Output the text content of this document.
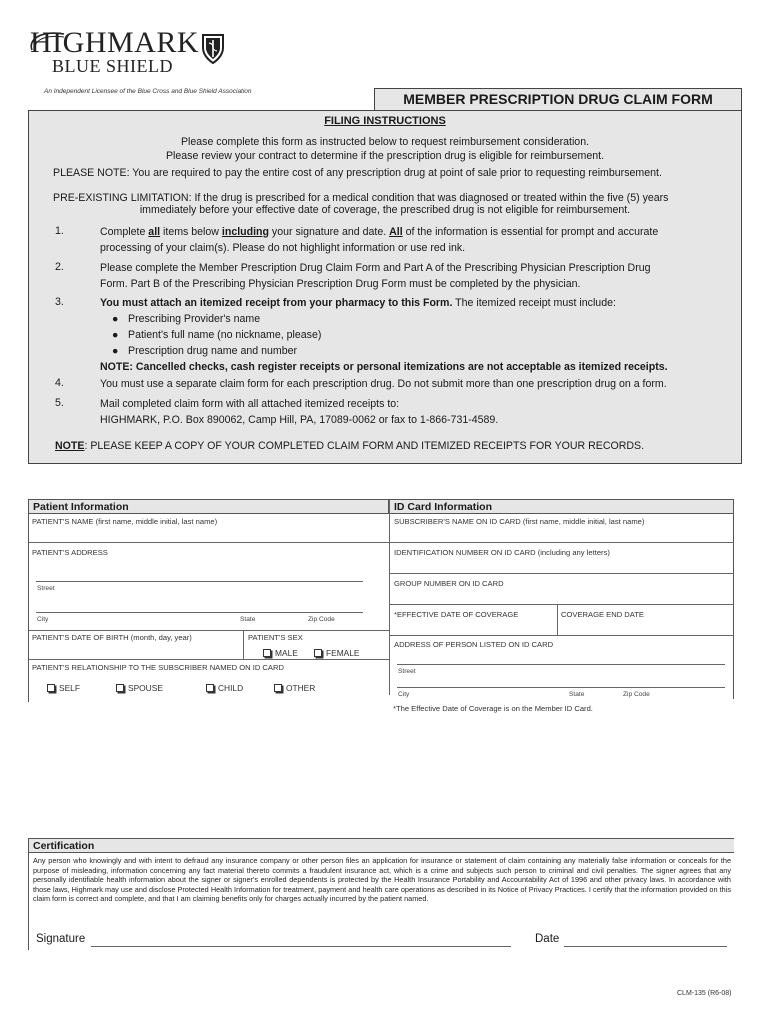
HIGHMARK
BLUE SHIELD
An Independent Licensee of the Blue Cross and Blue Shield Association	MEMBER PRESCRIPTION DRUG CLAIM FORM
FILING INSTRUCTIONS
Please complete this form as instructed below to request reimbursement consideration.
Please review your contract to determine if the prescription drug is eligible for reimbursement.
PLEASE NOTE: You are required to pay the entire cost of any prescription drug at point of sale prior to requesting reimbursement.
PRE-EXISTING LIMITATION: If the drug is prescribed for a medical condition that was diagnosed or treated within the five (5) years
immediately before your effective date of coverage, the prescribed drug is not eligible for reimbursement.
1.	Complete all items below including your signature and date. All of the information is essential for prompt and accurate
processing of your claim(s). Please do not highlight information or use red ink.
2.	Please complete the Member Prescription Drug Claim Form and Part A of the Prescribing Physician Prescription Drug
Form. Part B of the Prescribing Physician Prescription Drug Form must be completed by the physician.
3.	You must attach an itemized receipt from your pharmacy to this Form. The itemized receipt must include:

● Prescribing Provider's name
● Patient's full name (no nickname, please)
● Prescription drug name and number
NOTE: Cancelled checks, cash register receipts or personal itemizations are not acceptable as itemized receipts.
4.	You must use a separate claim form for each prescription drug. Do not submit more than one prescription drug on a form.
5.	Mail completed claim form with all attached itemized receipts to:
HIGHMARK, P.O. Box 890062, Camp Hill, PA, 17089-0062 or fax to 1-866-731-4589.
NOTE: PLEASE KEEP A COPY OF YOUR COMPLETED CLAIM FORM AND ITEMIZED RECEIPTS FOR YOUR RECORDS.
Patient Information
PATIENT'S NAME (first name, middle initial, last name)
PATIENT'S ADDRESS
Street
City	State	Zip Code
PATIENT'S DATE OF BIRTH (month, day, year)	PATIENT'S SEX
MALE	FEMALE
PATIENT'S RELATIONSHIP TO THE SUBSCRIBER NAMED ON ID CARD
SELF	SPOUSE	CHILD	OTHER
ID Card Information
SUBSCRIBER'S NAME ON ID CARD (first name, middle initial, last name)
IDENTIFICATION NUMBER ON ID CARD (including any letters)
GROUP NUMBER ON ID CARD
*EFFECTIVE DATE OF COVERAGE	COVERAGE END DATE
ADDRESS OF PERSON LISTED ON ID CARD
Street
City	State	Zip Code
*The Effective Date of Coverage is on the Member ID Card.
Certification
Any person who knowingly and with intent to defraud any insurance company or other person files an application for insurance or statement of claim containing any materially false information or conceals for the purpose of misleading, information concerning any fact material thereto commits a fraudulent insurance act, which is a crime and subjects such person to criminal and civil penalties. The signer agrees that any personally identifiable health information about the signer or signer's enrolled dependents is protected by the Health Insurance Portability and Accountability Act of 1996 and other privacy laws. In accordance with those laws, Highmark may use and disclose Protected Health Information for treatment, payment and health care operations as described in its Notice of Privacy Practices. I certify that the information provided on this claim form is correct and complete, and that I am claiming benefits only for charges actually incurred by the patient named.
Signature	Date
CLM-135 (R6-08)
